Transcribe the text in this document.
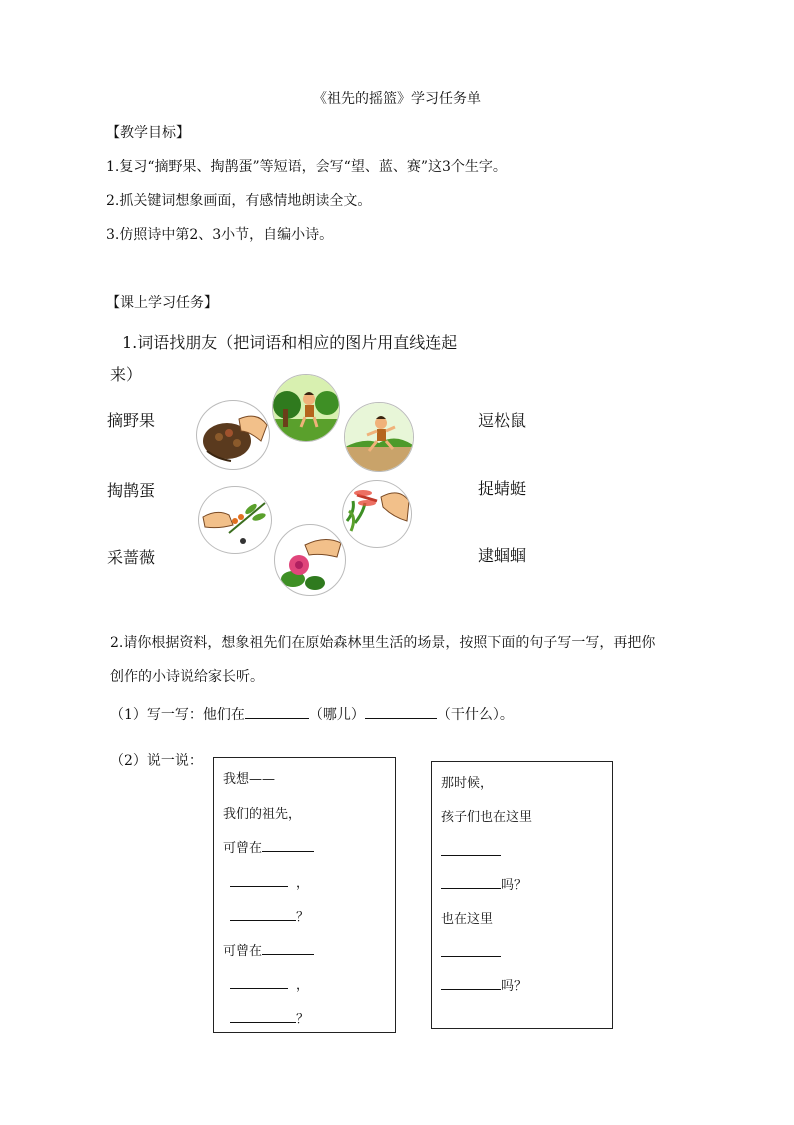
《祖先的摇篮》学习任务单
【教学目标】
1.复习“摘野果、掏鹊蛋”等短语，会写“望、蓝、赛”这3个生字。
2.抓关键词想象画面，有感情地朗读全文。
3.仿照诗中第2、3小节，自编小诗。
【课上学习任务】
1.词语找朋友（把词语和相应的图片用直线连起
来）
摘野果
掏鹊蛋
采蔷薇
逗松鼠
捉蜻蜓
逮蝈蝈
2.请你根据资料，想象祖先们在原始森林里生活的场景，按照下面的句子写一写，再把你
创作的小诗说给家长听。
（1）写一写：他们在	（哪儿）	（干什么）。
（2）说一说：
我想——
我们的祖先，
可曾在
，
？
可曾在
，
？
那时候，
孩子们也在这里
吗？
也在这里
吗？
